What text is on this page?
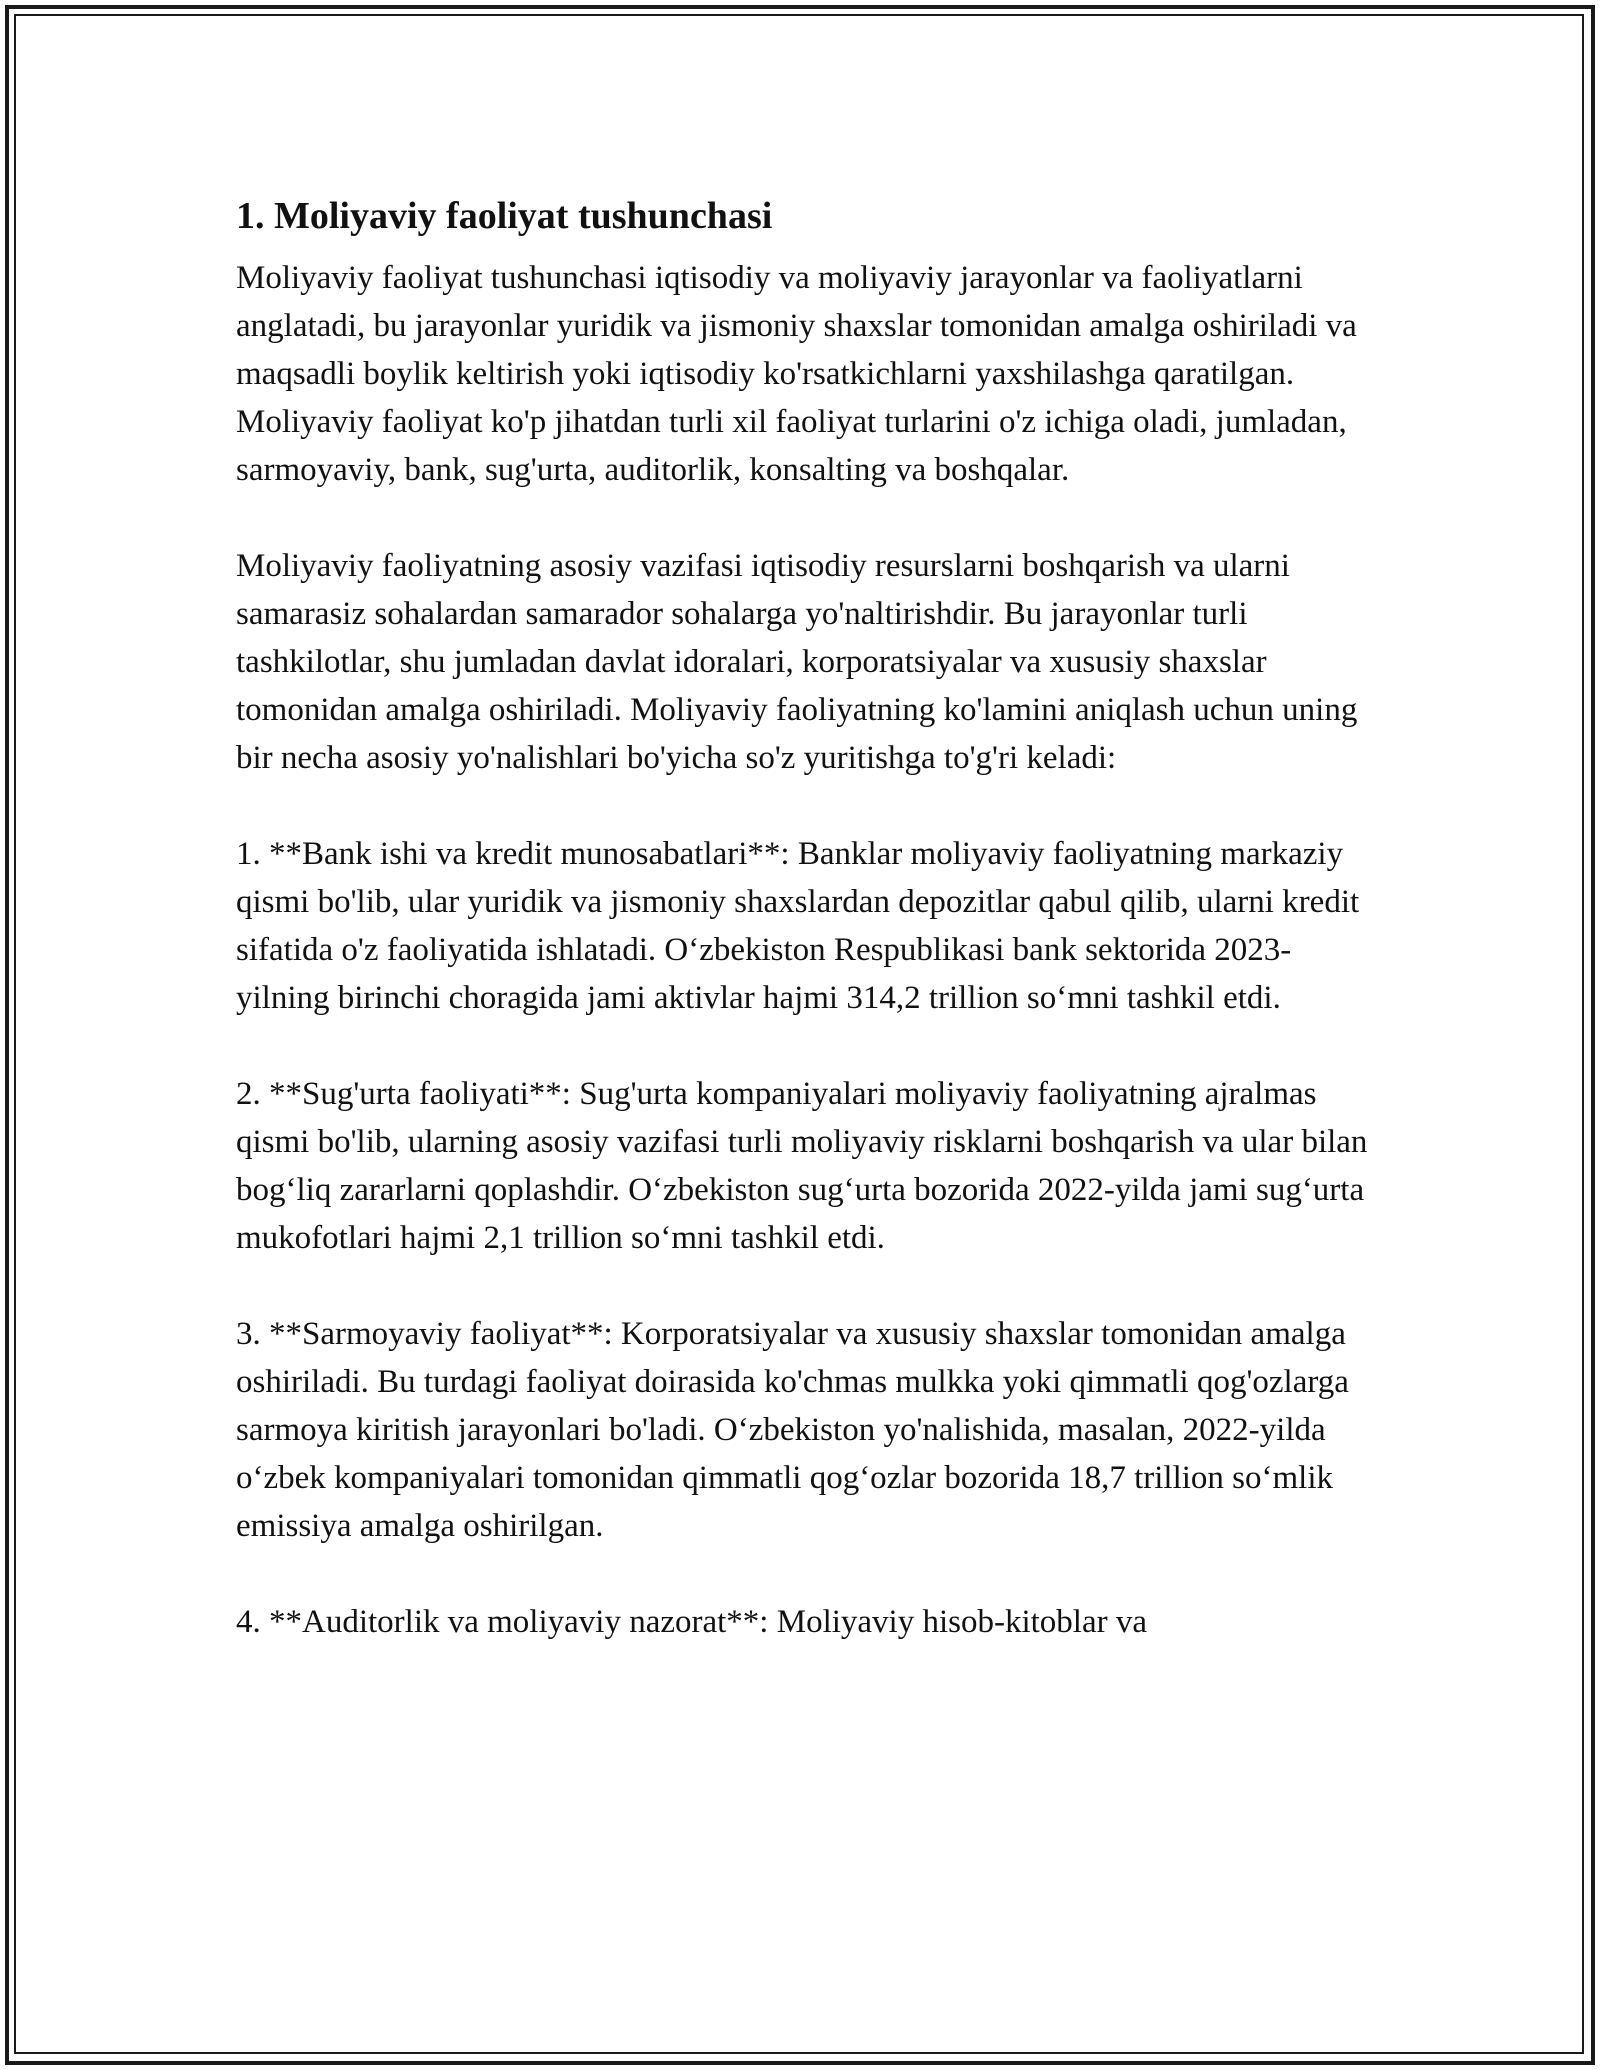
1. Moliyaviy faoliyat tushunchasi

Moliyaviy faoliyat tushunchasi iqtisodiy va moliyaviy jarayonlar va faoliyatlarni anglatadi, bu jarayonlar yuridik va jismoniy shaxslar tomonidan amalga oshiriladi va maqsadli boylik keltirish yoki iqtisodiy ko'rsatkichlarni yaxshilashga qaratilgan. Moliyaviy faoliyat ko'p jihatdan turli xil faoliyat turlarini o'z ichiga oladi, jumladan, sarmoyaviy, bank, sug'urta, auditorlik, konsalting va boshqalar.

Moliyaviy faoliyatning asosiy vazifasi iqtisodiy resurslarni boshqarish va ularni samarasiz sohalardan samarador sohalarga yo'naltirishdir. Bu jarayonlar turli tashkilotlar, shu jumladan davlat idoralari, korporatsiyalar va xususiy shaxslar tomonidan amalga oshiriladi. Moliyaviy faoliyatning ko'lamini aniqlash uchun uning bir necha asosiy yo'nalishlari bo'yicha so'z yuritishga to'g'ri keladi:

1. **Bank ishi va kredit munosabatlari**: Banklar moliyaviy faoliyatning markaziy qismi bo'lib, ular yuridik va jismoniy shaxslardan depozitlar qabul qilib, ularni kredit sifatida o'z faoliyatida ishlatadi. O‘zbekiston Respublikasi bank sektorida 2023-yilning birinchi choragida jami aktivlar hajmi 314,2 trillion so‘mni tashkil etdi.

2. **Sug'urta faoliyati**: Sug'urta kompaniyalari moliyaviy faoliyatning ajralmas qismi bo'lib, ularning asosiy vazifasi turli moliyaviy risklarni boshqarish va ular bilan bog‘liq zararlarni qoplashdir. O‘zbekiston sug‘urta bozorida 2022-yilda jami sug‘urta mukofotlari hajmi 2,1 trillion so‘mni tashkil etdi.

3. **Sarmoyaviy faoliyat**: Korporatsiyalar va xususiy shaxslar tomonidan amalga oshiriladi. Bu turdagi faoliyat doirasida ko'chmas mulkka yoki qimmatli qog'ozlarga sarmoya kiritish jarayonlari bo'ladi. O‘zbekiston yo'nalishida, masalan, 2022-yilda o‘zbek kompaniyalari tomonidan qimmatli qog‘ozlar bozorida 18,7 trillion so‘mlik emissiya amalga oshirilgan.

4. **Auditorlik va moliyaviy nazorat**: Moliyaviy hisob-kitoblar va
